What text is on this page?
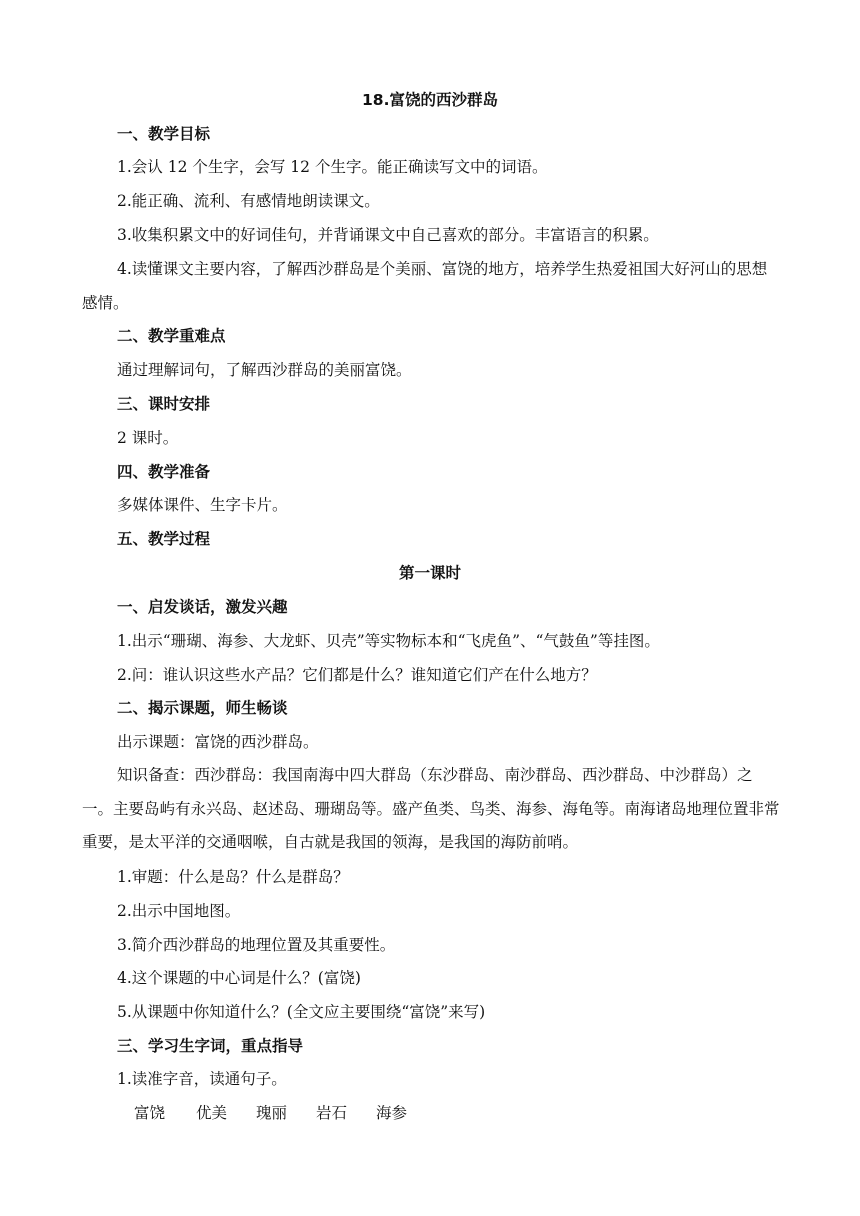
18.富饶的西沙群岛
一、教学目标
1.会认 12 个生字，会写 12 个生字。能正确读写文中的词语。
2.能正确、流利、有感情地朗读课文。
3.收集积累文中的好词佳句，并背诵课文中自己喜欢的部分。丰富语言的积累。
4.读懂课文主要内容，了解西沙群岛是个美丽、富饶的地方，培养学生热爱祖国大好河山的思想感情。
二、教学重难点
通过理解词句，了解西沙群岛的美丽富饶。
三、课时安排
2 课时。
四、教学准备
多媒体课件、生字卡片。
五、教学过程
第一课时
一、启发谈话，激发兴趣
1.出示“珊瑚、海参、大龙虾、贝壳”等实物标本和“飞虎鱼”、“气鼓鱼”等挂图。
2.问：谁认识这些水产品？它们都是什么？谁知道它们产在什么地方？
二、揭示课题，师生畅谈
出示课题：富饶的西沙群岛。
知识备查：西沙群岛：我国南海中四大群岛（东沙群岛、南沙群岛、西沙群岛、中沙群岛）之一。主要岛屿有永兴岛、赵述岛、珊瑚岛等。盛产鱼类、鸟类、海参、海龟等。南海诸岛地理位置非常重要，是太平洋的交通咽喉，自古就是我国的领海，是我国的海防前哨。
1.审题：什么是岛？什么是群岛？
2.出示中国地图。
3.简介西沙群岛的地理位置及其重要性。
4.这个课题的中心词是什么？(富饶)
5.从课题中你知道什么？(全文应主要围绕“富饶”来写)
三、学习生字词，重点指导
1.读准字音，读通句子。
富饶 优美 瑰丽 岩石 海参
